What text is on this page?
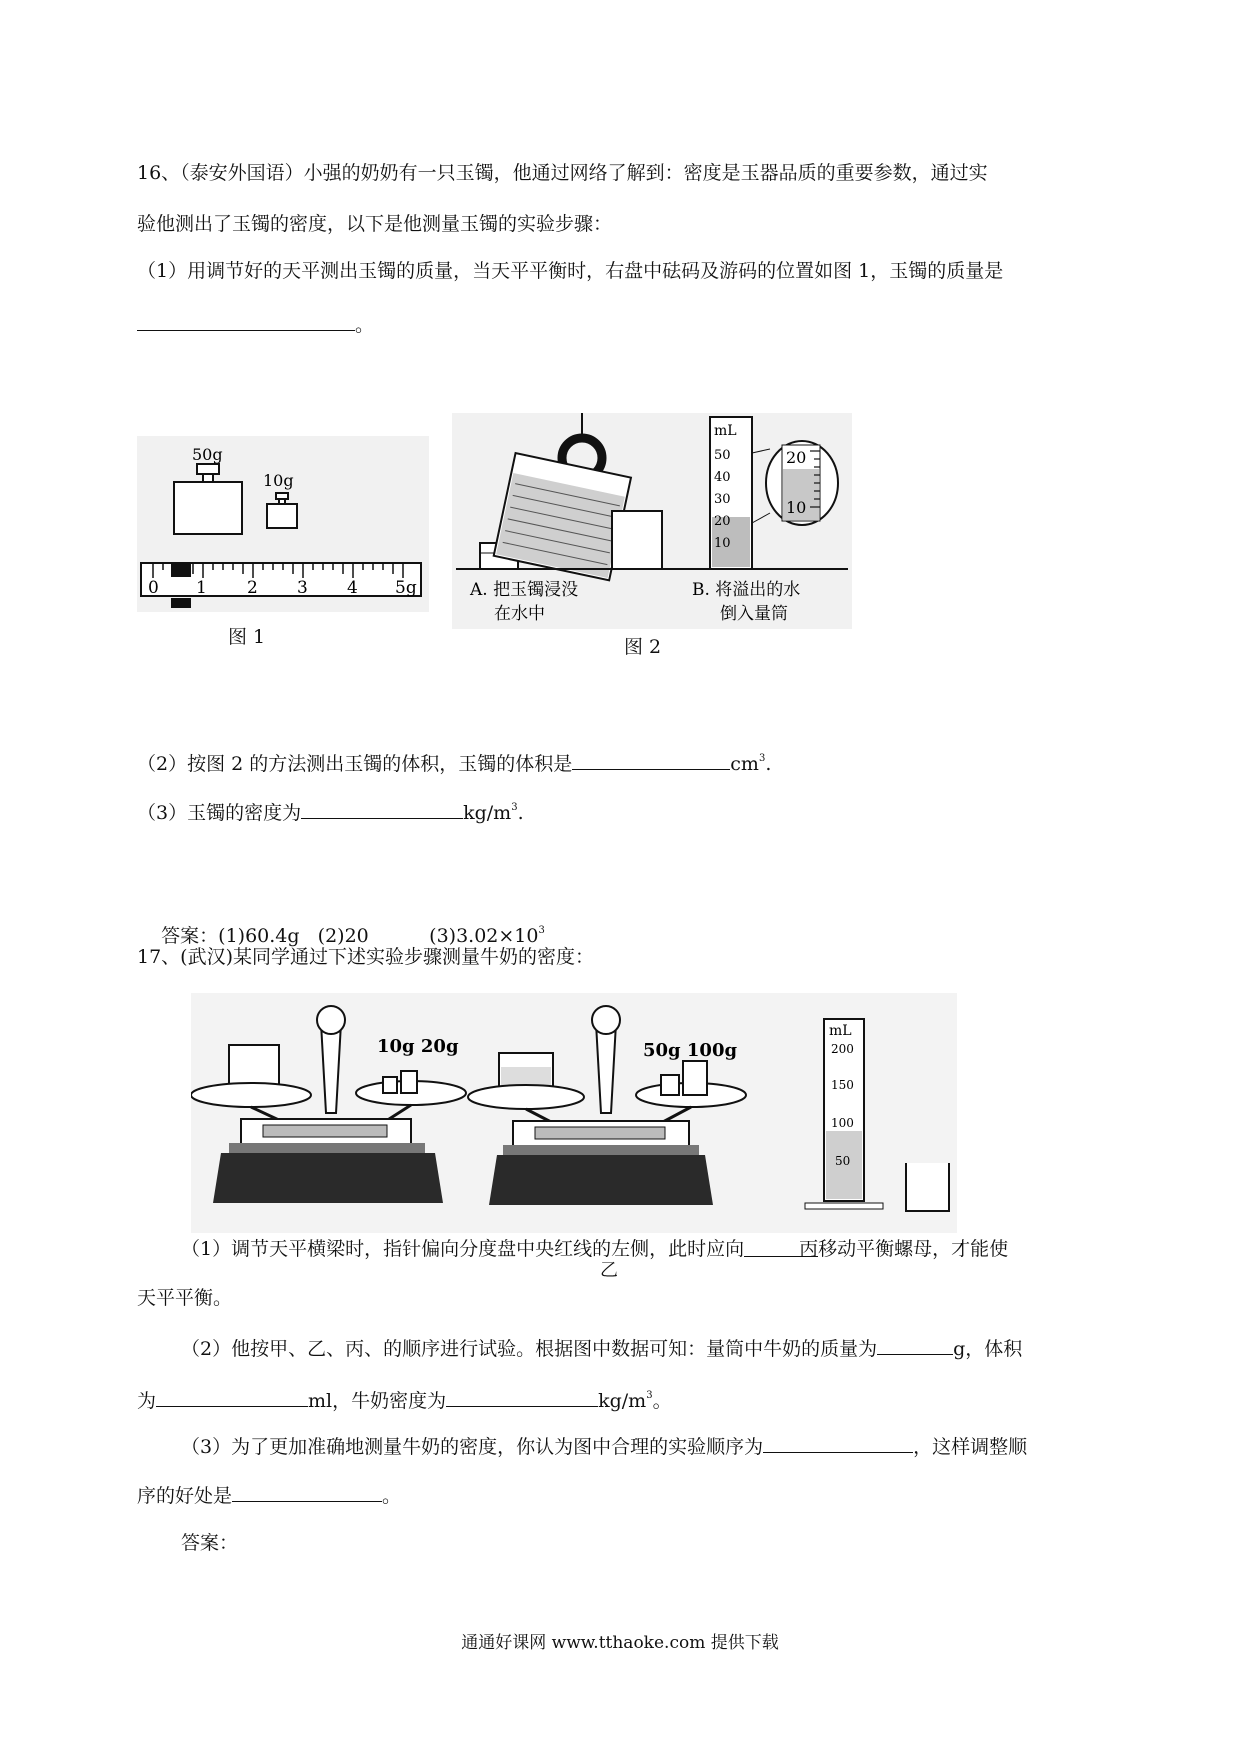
16、（泰安外国语）小强的奶奶有一只玉镯，他通过网络了解到：密度是玉器品质的重要参数，通过实
验他测出了玉镯的密度，以下是他测量玉镯的实验步骤：
（1）用调节好的天平测出玉镯的质量，当天平平衡时，右盘中砝码及游码的位置如图 1，玉镯的质量是
。
50g
10g
0 1 2 3 4 5g
图 1
mL
50
40
30
20
10
20
10
A. 把玉镯浸没
在水中
B. 将溢出的水
倒入量筒
图 2
（2）按图 2 的方法测出玉镯的体积，玉镯的体积是	$cm^3$.
（3）玉镯的密度为	$kg/m^3$.

答案：(1)60.4g   (2)20          $(3)3.02\times 10^3$

17、(武汉)某同学通过下述实验步骤测量牛奶的密度：
10g 20g	50g 100g
mL
200
150
100
50
（1）调节天平横梁时，指针偏向分度盘中央红线的左侧，此时应向	丙移动平衡螺母，才能使
乙
天平平衡。
（2）他按甲、乙、丙、的顺序进行试验。根据图中数据可知：量筒中牛奶的质量为	g，体积
为	ml，牛奶密度为	$kg/m^3$。
（3）为了更加准确地测量牛奶的密度，你认为图中合理的实验顺序为	，这样调整顺
序的好处是	。
答案：
通通好课网 www.tthaoke.com 提供下载
